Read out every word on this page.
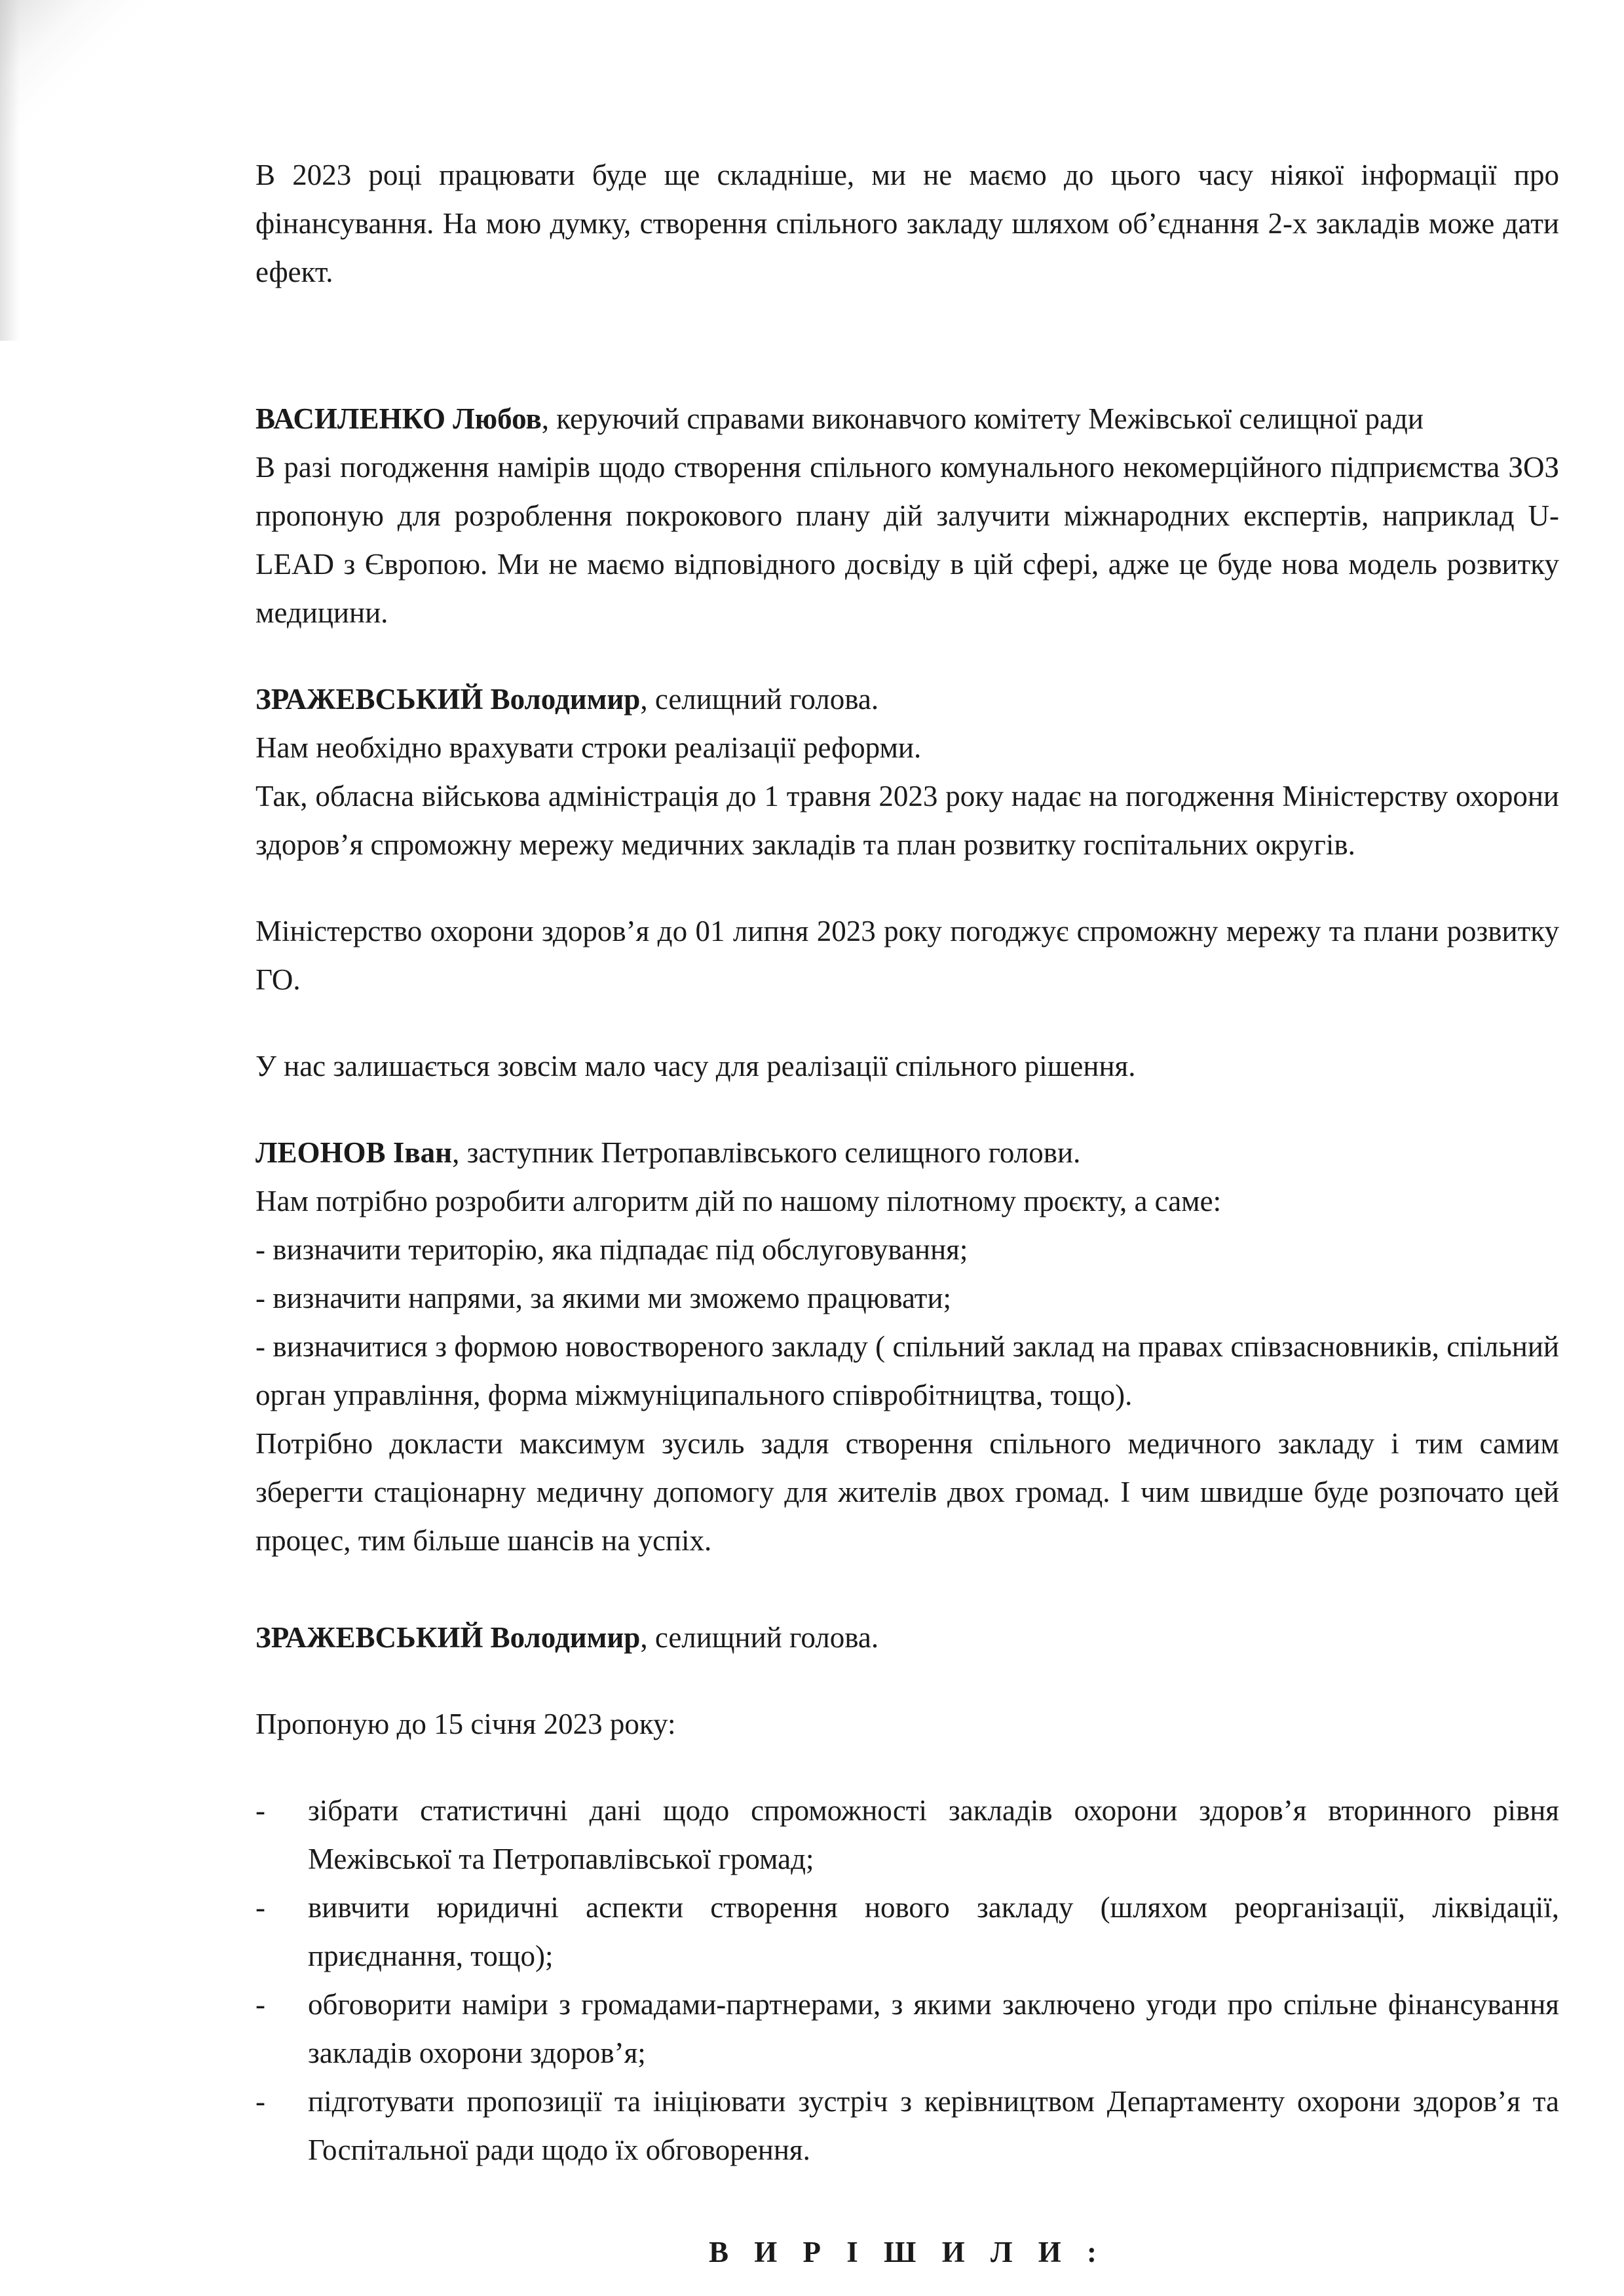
В 2023 році працювати буде ще складніше, ми не маємо до цього часу ніякої інформації про фінансування. На мою думку, створення спільного закладу шляхом об’єднання 2-х закладів може дати ефект.

ВАСИЛЕНКО Любов, керуючий справами виконавчого комітету Межівської селищної ради

В разі погодження намірів щодо створення спільного комунального некомерційного підприємства ЗОЗ пропоную для розроблення покрокового плану дій залучити міжнародних експертів, наприклад U-LEAD з Європою. Ми не маємо відповідного досвіду в цій сфері, адже це буде нова модель розвитку медицини.

ЗРАЖЕВСЬКИЙ Володимир, селищний голова.

Нам необхідно врахувати строки реалізації реформи.

Так, обласна військова адміністрація до 1 травня 2023 року надає на погодження Міністерству охорони здоров’я спроможну мережу медичних закладів та план розвитку госпітальних округів.

Міністерство охорони здоров’я до 01 липня 2023 року погоджує спроможну мережу та плани розвитку ГО.

У нас залишається зовсім мало часу для реалізації спільного рішення.

ЛЕОНОВ Іван, заступник Петропавлівського селищного голови.

Нам потрібно розробити алгоритм дій по нашому пілотному проєкту, а саме:

- визначити територію, яка підпадає під обслуговування;

- визначити напрями, за якими ми зможемо працювати;

- визначитися з формою новоствореного закладу ( спільний заклад на правах співзасновників, спільний орган управління, форма міжмуніципального співробітництва, тощо).

Потрібно докласти максимум зусиль задля створення спільного медичного закладу і тим самим зберегти стаціонарну медичну допомогу для жителів двох громад. І чим швидше буде розпочато цей процес, тим більше шансів на успіх.

ЗРАЖЕВСЬКИЙ Володимир, селищний голова.

Пропоную до 15 січня 2023 року:

- зібрати статистичні дані щодо спроможності закладів охорони здоров’я вторинного рівня Межівської та Петропавлівської громад;
- вивчити юридичні аспекти створення нового закладу (шляхом реорганізації, ліквідації, приєднання, тощо);
- обговорити наміри з громадами-партнерами, з якими заключено угоди про спільне фінансування закладів охорони здоров’я;
- підготувати пропозиції та ініціювати зустріч з керівництвом Департаменту охорони здоров’я та Госпітальної ради щодо їх обговорення.

В И Р І Ш И Л И :
